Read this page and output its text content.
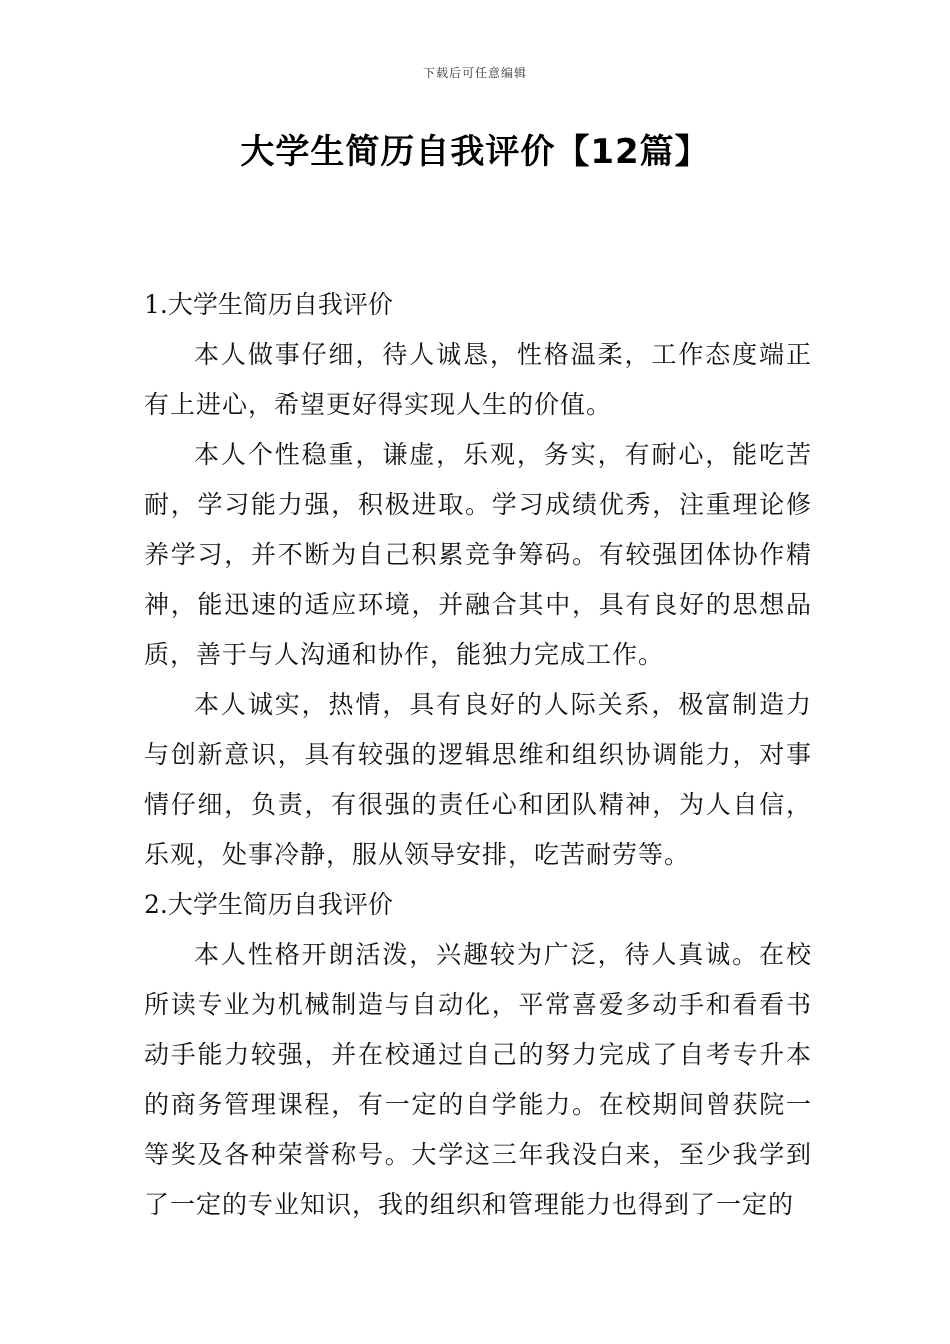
下载后可任意编辑
大学生简历自我评价【12篇】

1.大学生简历自我评价

本人做事仔细，待人诚恳，性格温柔，工作态度端正有上进心，希望更好得实现人生的价值。

本人个性稳重，谦虚，乐观，务实，有耐心，能吃苦耐，学习能力强，积极进取。学习成绩优秀，注重理论修养学习，并不断为自己积累竞争筹码。有较强团体协作精神，能迅速的适应环境，并融合其中，具有良好的思想品质，善于与人沟通和协作，能独力完成工作。

本人诚实，热情，具有良好的人际关系，极富制造力与创新意识，具有较强的逻辑思维和组织协调能力，对事情仔细，负责，有很强的责任心和团队精神，为人自信，乐观，处事冷静，服从领导安排，吃苦耐劳等。

2.大学生简历自我评价

本人性格开朗活泼，兴趣较为广泛，待人真诚。在校所读专业为机械制造与自动化，平常喜爱多动手和看看书动手能力较强，并在校通过自己的努力完成了自考专升本的商务管理课程，有一定的自学能力。在校期间曾获院一等奖及各种荣誉称号。大学这三年我没白来，至少我学到了一定的专业知识，我的组织和管理能力也得到了一定的
